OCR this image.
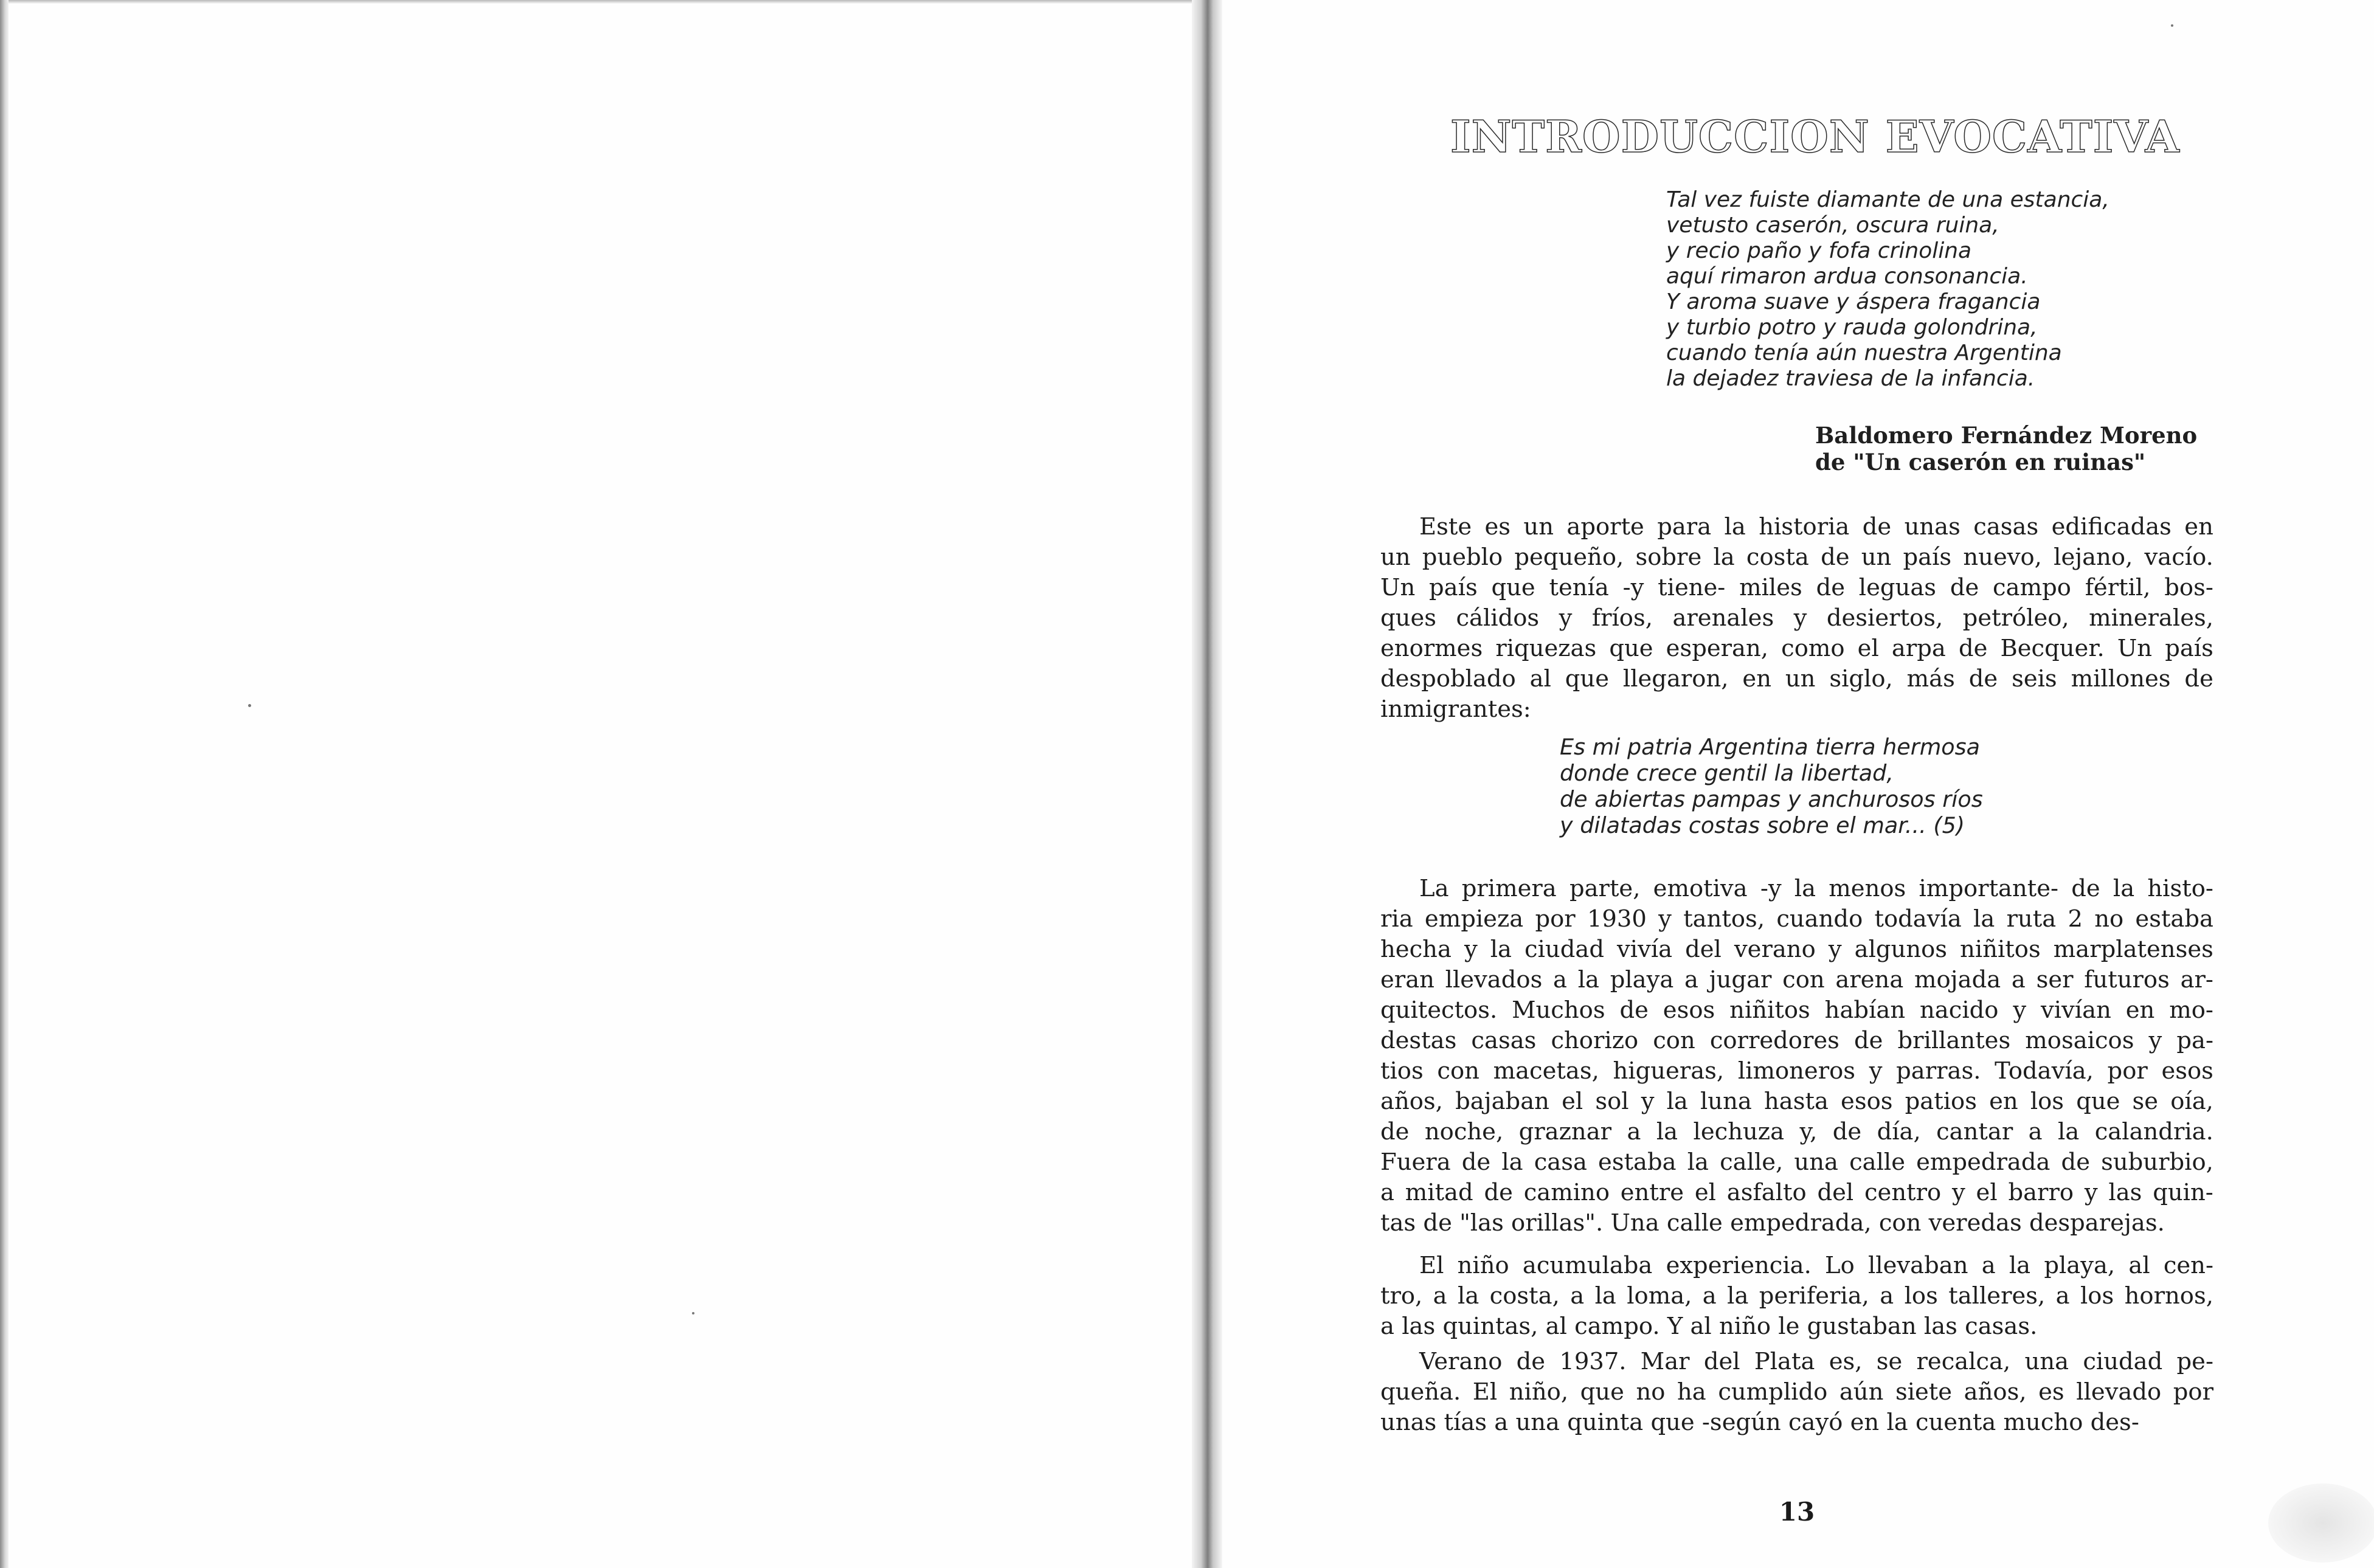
INTRODUCCION EVOCATIVA
Tal vez fuiste diamante de una estancia,
vetusto caserón, oscura ruina,
y recio paño y fofa crinolina
aquí rimaron ardua consonancia.
Y aroma suave y áspera fragancia
y turbio potro y rauda golondrina,
cuando tenía aún nuestra Argentina
la dejadez traviesa de la infancia.
Baldomero Fernández Moreno
de "Un caserón en ruinas"
Este es un aporte para la historia de unas casas edificadas en
un pueblo pequeño, sobre la costa de un país nuevo, lejano, vacío.
Un país que tenía -y tiene- miles de leguas de campo fértil, bos-
ques cálidos y fríos, arenales y desiertos, petróleo, minerales,
enormes riquezas que esperan, como el arpa de Becquer. Un país
despoblado al que llegaron, en un siglo, más de seis millones de
inmigrantes:
Es mi patria Argentina tierra hermosa
donde crece gentil la libertad,
de abiertas pampas y anchurosos ríos
y dilatadas costas sobre el mar... (5)
La primera parte, emotiva -y la menos importante- de la histo-
ria empieza por 1930 y tantos, cuando todavía la ruta 2 no estaba
hecha y la ciudad vivía del verano y algunos niñitos marplatenses
eran llevados a la playa a jugar con arena mojada a ser futuros ar-
quitectos. Muchos de esos niñitos habían nacido y vivían en mo-
destas casas chorizo con corredores de brillantes mosaicos y pa-
tios con macetas, higueras, limoneros y parras. Todavía, por esos
años, bajaban el sol y la luna hasta esos patios en los que se oía,
de noche, graznar a la lechuza y, de día, cantar a la calandria.
Fuera de la casa estaba la calle, una calle empedrada de suburbio,
a mitad de camino entre el asfalto del centro y el barro y las quin-
tas de "las orillas". Una calle empedrada, con veredas desparejas.
El niño acumulaba experiencia. Lo llevaban a la playa, al cen-
tro, a la costa, a la loma, a la periferia, a los talleres, a los hornos,
a las quintas, al campo. Y al niño le gustaban las casas.
Verano de 1937. Mar del Plata es, se recalca, una ciudad pe-
queña. El niño, que no ha cumplido aún siete años, es llevado por
unas tías a una quinta que -según cayó en la cuenta mucho des-
13
